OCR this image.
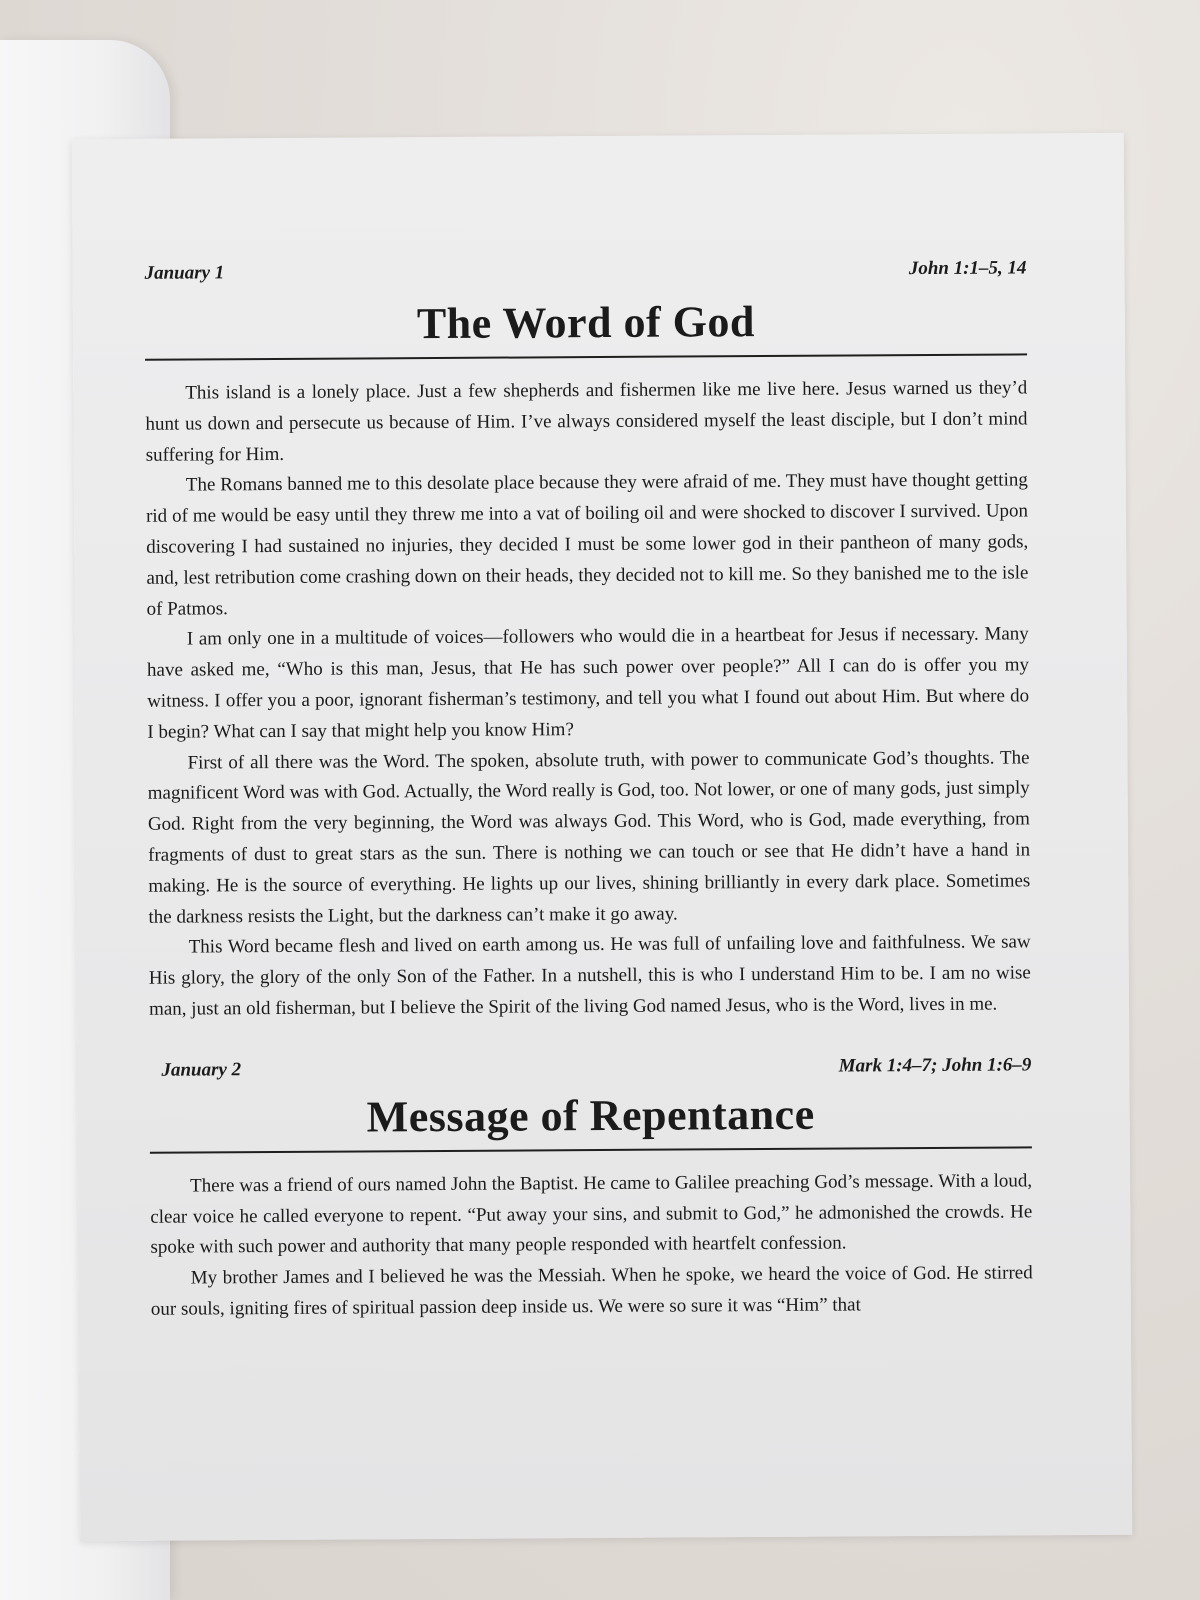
January 1	John 1:1–5, 14
The Word of God

This island is a lonely place. Just a few shepherds and fishermen like me live here. Jesus warned us they’d hunt us down and persecute us because of Him. I’ve always considered myself the least disciple, but I don’t mind suffering for Him.

The Romans banned me to this desolate place because they were afraid of me. They must have thought getting rid of me would be easy until they threw me into a vat of boiling oil and were shocked to discover I survived. Upon discovering I had sustained no injuries, they decided I must be some lower god in their pantheon of many gods, and, lest retribution come crashing down on their heads, they decided not to kill me. So they banished me to the isle of Patmos.

I am only one in a multitude of voices—followers who would die in a heartbeat for Jesus if necessary. Many have asked me, “Who is this man, Jesus, that He has such power over people?” All I can do is offer you my witness. I offer you a poor, ignorant fisherman’s testimony, and tell you what I found out about Him. But where do I begin? What can I say that might help you know Him?

First of all there was the Word. The spoken, absolute truth, with power to communicate God’s thoughts. The magnificent Word was with God. Actually, the Word really is God, too. Not lower, or one of many gods, just simply God. Right from the very beginning, the Word was always God. This Word, who is God, made everything, from fragments of dust to great stars as the sun. There is nothing we can touch or see that He didn’t have a hand in making. He is the source of everything. He lights up our lives, shining brilliantly in every dark place. Sometimes the darkness resists the Light, but the darkness can’t make it go away.

This Word became flesh and lived on earth among us. He was full of unfailing love and faithfulness. We saw His glory, the glory of the only Son of the Father. In a nutshell, this is who I understand Him to be. I am no wise man, just an old fisherman, but I believe the Spirit of the living God named Jesus, who is the Word, lives in me.

January 2	Mark 1:4–7; John 1:6–9
Message of Repentance

There was a friend of ours named John the Baptist. He came to Galilee preaching God’s message. With a loud, clear voice he called everyone to repent. “Put away your sins, and submit to God,” he admonished the crowds. He spoke with such power and authority that many people responded with heartfelt confession.

My brother James and I believed he was the Messiah. When he spoke, we heard the voice of God. He stirred our souls, igniting fires of spiritual passion deep inside us. We were so sure it was “Him” that
